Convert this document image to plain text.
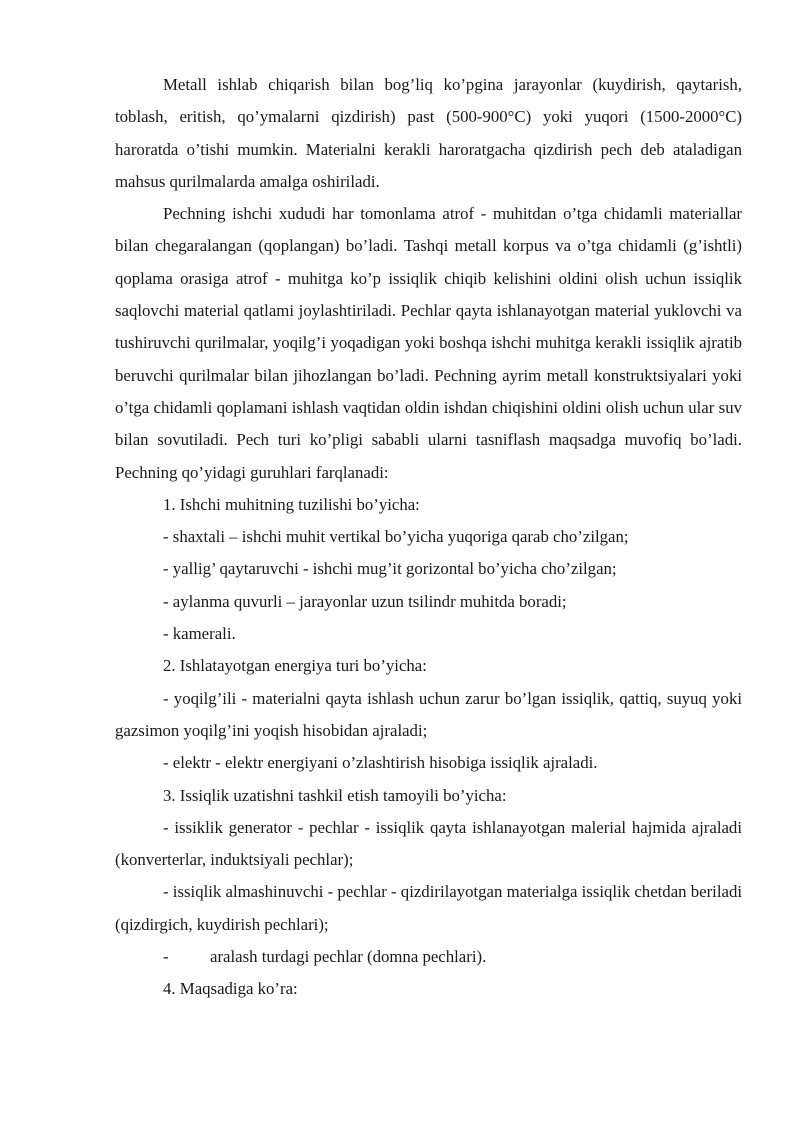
Metall ishlab chiqarish bilan bog’liq ko’pgina jarayonlar (kuydirish, qaytarish, toblash, eritish, qo’ymalarni qizdirish) past (500-900°C) yoki yuqori (1500-2000°C) haroratda o’tishi mumkin. Materialni kerakli haroratgacha qizdirish pech deb ataladigan mahsus qurilmalarda amalga oshiriladi.

Pechning ishchi xududi har tomonlama atrof - muhitdan o’tga chidamli materiallar bilan chegaralangan (qoplangan) bo’ladi. Tashqi metall korpus va o’tga chidamli (g’ishtli) qoplama orasiga atrof - muhitga ko’p issiqlik chiqib kelishini oldini olish uchun issiqlik saqlovchi material qatlami joylashtiriladi. Pechlar qayta ishlanayotgan material yuklovchi va tushiruvchi qurilmalar, yoqilg’i yoqadigan yoki boshqa ishchi muhitga kerakli issiqlik ajratib beruvchi qurilmalar bilan jihozlangan bo’ladi. Pechning ayrim metall konstruktsiyalari yoki o’tga chidamli qoplamani ishlash vaqtidan oldin ishdan chiqishini oldini olish uchun ular suv bilan sovutiladi. Pech turi ko’pligi sababli ularni tasniflash maqsadga muvofiq bo’ladi. Pechning qo’yidagi guruhlari farqlanadi:

1. Ishchi muhitning tuzilishi bo’yicha:

- shaxtali – ishchi muhit vertikal bo’yicha yuqoriga qarab cho’zilgan;

- yallig’ qaytaruvchi - ishchi mug’it gorizontal bo’yicha cho’zilgan;

- aylanma quvurli – jarayonlar uzun tsilindr muhitda boradi;

- kamerali.

2. Ishlatayotgan energiya turi bo’yicha:

- yoqilg’ili - materialni qayta ishlash uchun zarur bo’lgan issiqlik, qattiq, suyuq yoki gazsimon yoqilg’ini yoqish hisobidan ajraladi;

- elektr - elektr energiyani o’zlashtirish hisobiga issiqlik ajraladi.

3. Issiqlik uzatishni tashkil etish tamoyili bo’yicha:

- issiklik generator - pechlar - issiqlik qayta ishlanayotgan malerial hajmida ajraladi (konverterlar, induktsiyali pechlar);

- issiqlik almashinuvchi - pechlar - qizdirilayotgan materialga issiqlik chetdan beriladi (qizdirgich, kuydirish pechlari);

-	aralash turdagi pechlar (domna pechlari).

4. Maqsadiga ko’ra:
